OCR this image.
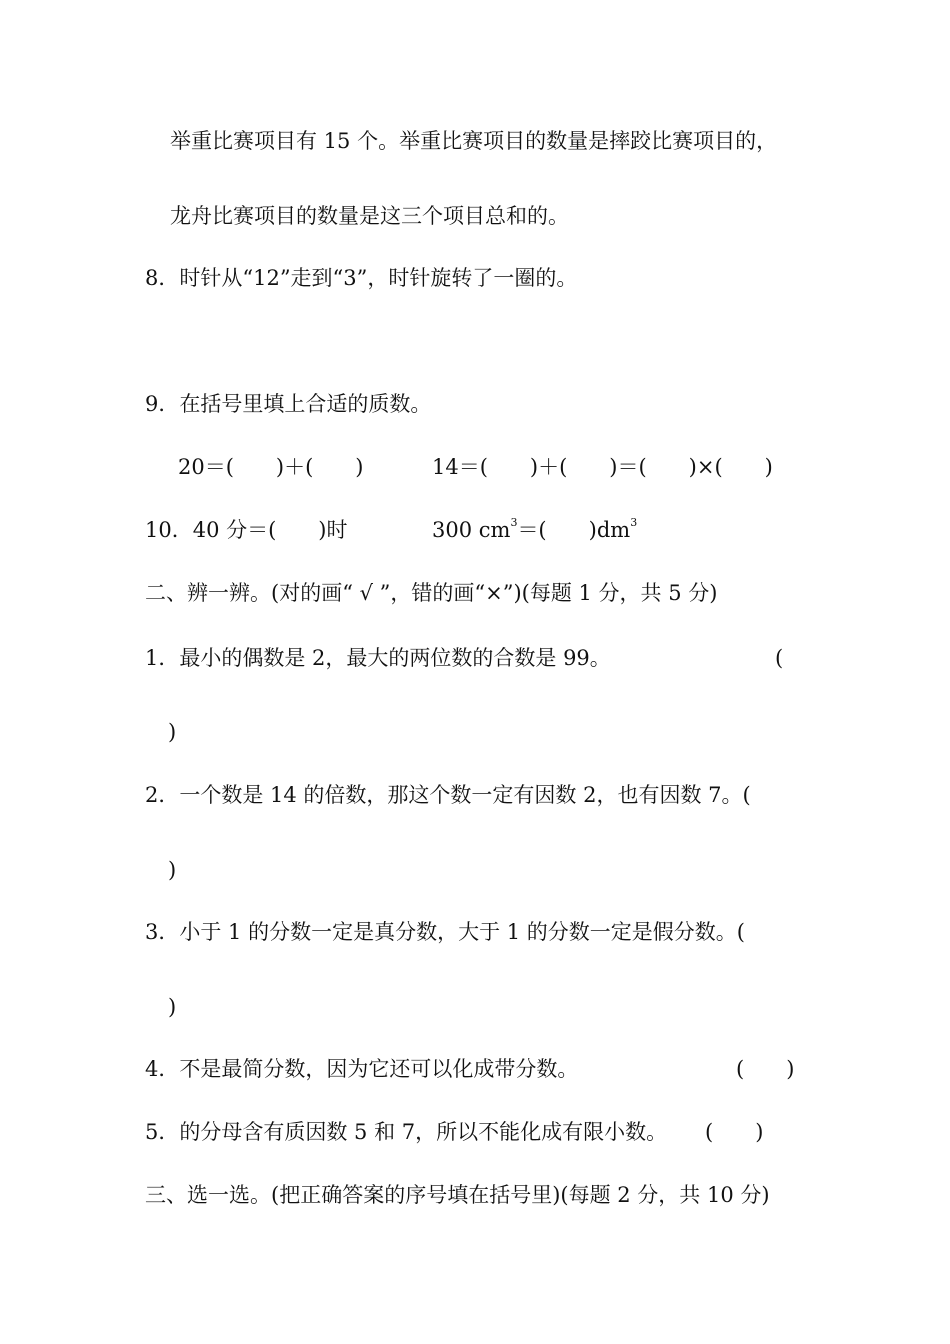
举重比赛项目有 15 个。举重比赛项目的数量是摔跤比赛项目的，
龙舟比赛项目的数量是这三个项目总和的。
8．时针从“12”走到“3”，时针旋转了一圈的。
9．在括号里填上合适的质数。
20＝(　　)＋(　　)	14＝(　　)＋(　　)＝(　　)×(　　)
10．40 分＝(　　)时	300 $cm^3=$(　　)$dm^3$
二、辨一辨。(对的画“ √ ”，错的画“×”)(每题 1 分，共 5 分)
1．最小的偶数是 2，最大的两位数的合数是 99。	(
)
2．一个数是 14 的倍数，那这个数一定有因数 2，也有因数 7。(
)
3．小于 1 的分数一定是真分数，大于 1 的分数一定是假分数。(
)
4．不是最简分数，因为它还可以化成带分数。	(　　)
5．的分母含有质因数 5 和 7，所以不能化成有限小数。 (　　)
三、选一选。(把正确答案的序号填在括号里)(每题 2 分，共 10 分)
